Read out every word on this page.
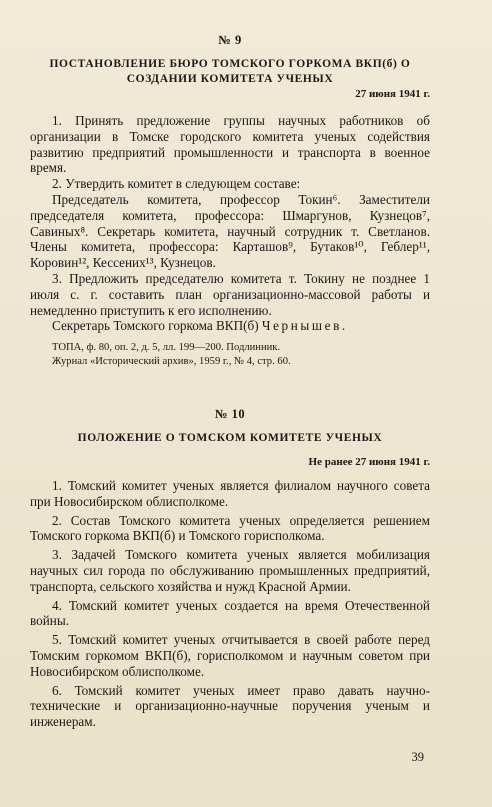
№ 9
ПОСТАНОВЛЕНИЕ БЮРО ТОМСКОГО ГОРКОМА ВКП(б) О
СОЗДАНИИ КОМИТЕТА УЧЕНЫХ
27 июня 1941 г.

1. Принять предложение группы научных работников об организации в Томске городского комитета ученых содействия развитию предприятий промышленности и транспорта в военное время.

2. Утвердить комитет в следующем составе:

Председатель комитета, профессор Токин⁶. Заместители председателя комитета, профессора: Шмаргунов, Кузнецов⁷, Савиных⁸. Секретарь комитета, научный сотрудник т. Светланов. Члены комитета, профессора: Карташов⁹, Бутаков¹⁰, Геблер¹¹, Коровин¹², Кессених¹³, Кузнецов.

3. Предложить председателю комитета т. Токину не позднее 1 июля с. г. составить план организационно-массовой работы и немедленно приступить к его исполнению.

Секретарь Томского горкома ВКП(б) Чернышев.

ТОПА, ф. 80, оп. 2, д. 5, лл. 199—200. Подлинник.

Журнал «Исторический архив», 1959 г., № 4, стр. 60.

№ 10
ПОЛОЖЕНИЕ О ТОМСКОМ КОМИТЕТЕ УЧЕНЫХ
Не ранее 27 июня 1941 г.

1. Томский комитет ученых является филиалом научного совета при Новосибирском облисполкоме.

2. Состав Томского комитета ученых определяется решением Томского горкома ВКП(б) и Томского горисполкома.

3. Задачей Томского комитета ученых является мобилизация научных сил города по обслуживанию промышленных предприятий, транспорта, сельского хозяйства и нужд Красной Армии.

4. Томский комитет ученых создается на время Отечественной войны.

5. Томский комитет ученых отчитывается в своей работе перед Томским горкомом ВКП(б), горисполкомом и научным советом при Новосибирском облисполкоме.

6. Томский комитет ученых имеет право давать научно-технические и организационно-научные поручения ученым и инженерам.

39
